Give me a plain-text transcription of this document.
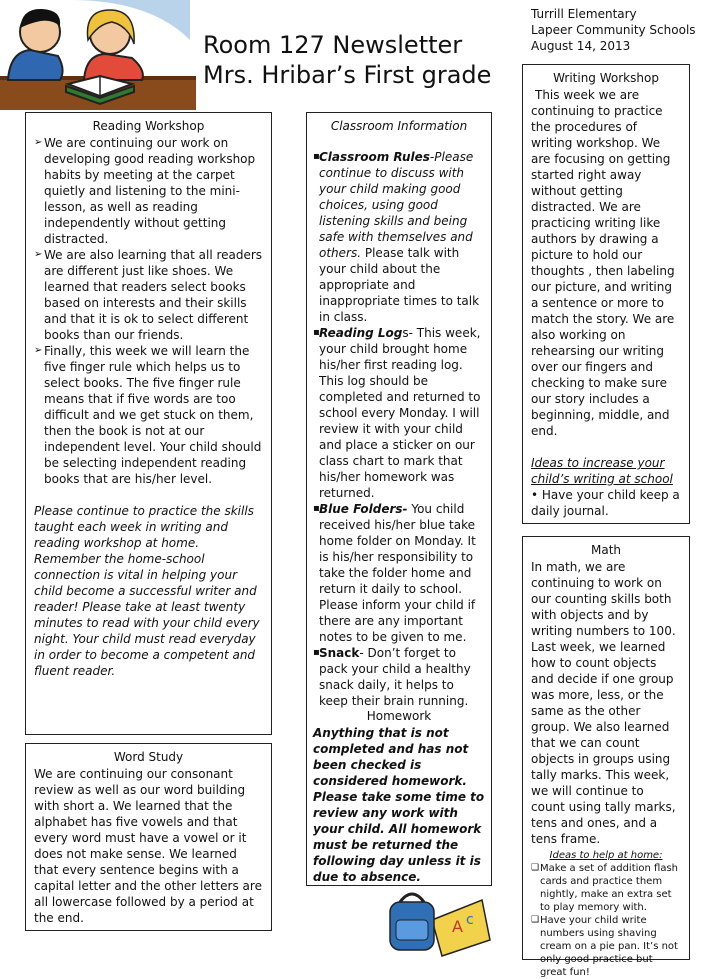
Room 127 Newsletter
Mrs. Hribar’s First grade
Turrill Elementary
Lapeer Community Schools
August 14, 2013
Reading Workshop

➢ We are continuing our work on developing good reading workshop habits by meeting at the carpet quietly and listening to the mini-lesson, as well as reading independently without getting distracted.

➢ We are also learning that all readers are different just like shoes. We learned that readers select books based on interests and their skills and that it is ok to select different books than our friends.

➢ Finally, this week we will learn the five finger rule which helps us to select books. The five finger rule means that if five words are too difficult and we get stuck on them, then the book is not at our independent level. Your child should be selecting independent reading books that are his/her level.

Please continue to practice the skills taught each week in writing and reading workshop at home. Remember the home-school connection is vital in helping your child become a successful writer and reader! Please take at least twenty minutes to read with your child every night. Your child must read everyday in order to become a competent and fluent reader.

Word Study

We are continuing our consonant review as well as our word building with short a. We learned that the alphabet has five vowels and that every word must have a vowel or it does not make sense. We learned that every sentence begins with a capital letter and the other letters are all lowercase followed by a period at the end.

Classroom Information

▪ Classroom Rules-Please continue to discuss with your child making good choices, using good listening skills and being safe with themselves and others. Please talk with your child about the appropriate and inappropriate times to talk in class.

▪ Reading Logs- This week, your child brought home his/her first reading log. This log should be completed and returned to school every Monday. I will review it with your child and place a sticker on our class chart to mark that his/her homework was returned.

▪ Blue Folders- You child received his/her blue take home folder on Monday. It is his/her responsibility to take the folder home and return it daily to school. Please inform your child if there are any important notes to be given to me.

▪ Snack- Don’t forget to pack your child a healthy snack daily, it helps to keep their brain running.

Homework

Anything that is not completed and has not been checked is considered homework. Please take some time to review any work with your child. All homework must be returned the following day unless it is due to absence.

A c
Writing Workshop

This week we are continuing to practice the procedures of writing workshop. We are focusing on getting started right away without getting distracted. We are practicing writing like authors by drawing a picture to hold our thoughts , then labeling our picture, and writing a sentence or more to match the story. We are also working on rehearsing our writing over our fingers and checking to make sure our story includes a beginning, middle, and end.

Ideas to increase your child’s writing at school

• Have your child keep a daily journal.

Math

In math, we are continuing to work on our counting skills both with objects and by writing numbers to 100. Last week, we learned how to count objects and decide if one group was more, less, or the same as the other group. We also learned that we can count objects in groups using tally marks. This week, we will continue to count using tally marks, tens and ones, and a tens frame.

Ideas to help at home:

❑ Make a set of addition flash cards and practice them nightly, make an extra set to play memory with.

❑ Have your child write numbers using shaving cream on a pie pan. It’s not only good practice but great fun!
